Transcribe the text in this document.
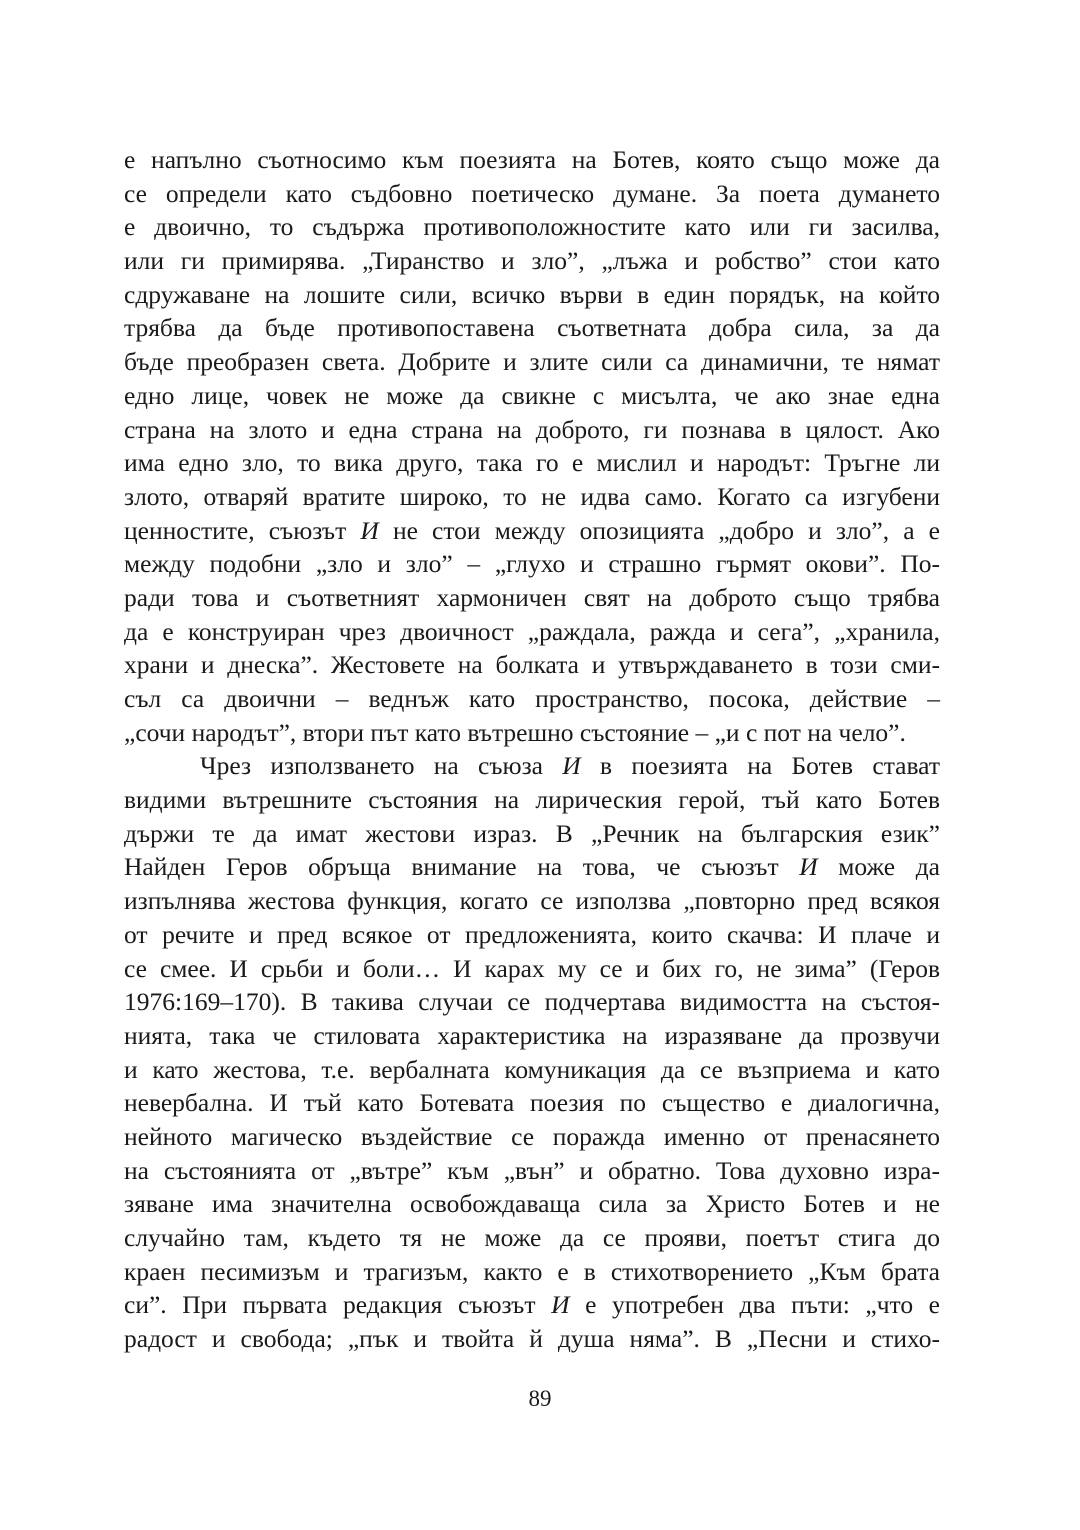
е напълно съотносимо към поезията на Ботев, която също може да
се определи като съдбовно поетическо думане. За поета думането
е двоично, то съдържа противоположностите като или ги засилва,
или ги примирява. „Тиранство и зло”, „лъжа и робство” стои като
сдружаване на лошите сили, всичко върви в един порядък, на който
трябва да бъде противопоставена съответната добра сила, за да
бъде преобразен света. Добрите и злите сили са динамични, те нямат
едно лице, човек не може да свикне с мисълта, че ако знае една
страна на злото и една страна на доброто, ги познава в цялост. Ако
има едно зло, то вика друго, така го е мислил и народът: Тръгне ли
злото, отваряй вратите широко, то не идва само. Когато са изгубени
ценностите, съюзът И не стои между опозицията „добро и зло”, а е
между подобни „зло и зло” – „глухо и страшно гърмят окови”. По-
ради това и съответният хармоничен свят на доброто също трябва
да е конструиран чрез двоичност „раждала, ражда и сега”, „хранила,
храни и днеска”. Жестовете на болката и утвърждаването в този сми-
съл са двоични – веднъж като пространство, посока, действие –
„сочи народът”, втори път като вътрешно състояние – „и с пот на чело”.
Чрез използването на съюза И в поезията на Ботев стават
видими вътрешните състояния на лирическия герой, тъй като Ботев
държи те да имат жестови израз. В „Речник на българския език”
Найден Геров обръща внимание на това, че съюзът И може да
изпълнява жестова функция, когато се използва „повторно пред всякоя
от речите и пред всякое от предложенията, които скачва: И плаче и
се смее. И срьби и боли… И карах му се и бих го, не зима” (Геров
1976:169–170). В такива случаи се подчертава видимостта на състоя-
нията, така че стиловата характеристика на изразяване да прозвучи
и като жестова, т.е. вербалната комуникация да се възприема и като
невербална. И тъй като Ботевата поезия по същество е диалогична,
нейното магическо въздействие се поражда именно от пренасянето
на състоянията от „вътре” към „вън” и обратно. Това духовно изра-
зяване има значителна освобождаваща сила за Христо Ботев и не
случайно там, където тя не може да се прояви, поетът стига до
краен песимизъм и трагизъм, както е в стихотворението „Към брата
си”. При първата редакция съюзът И е употребен два пъти: „что е
радост и свобода; „пък и твойта й душа няма”. В „Песни и стихо-
89
